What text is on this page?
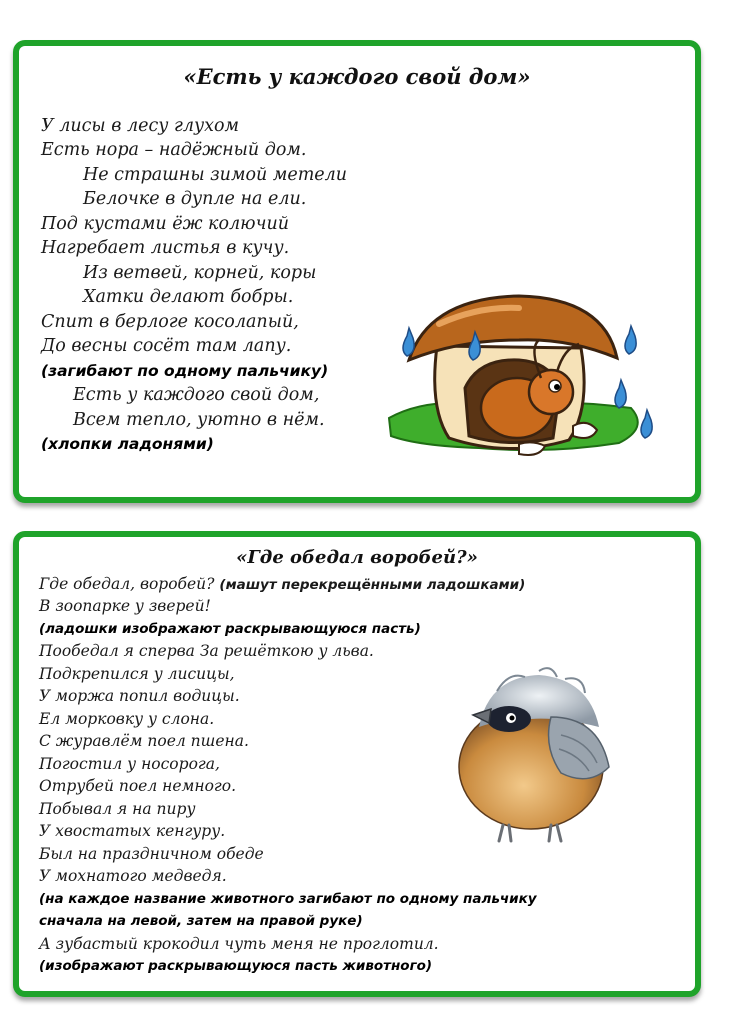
«Есть у каждого свой дом»
У лисы в лесу глухом
Есть нора – надёжный дом.
Не страшны зимой метели
Белочке в дупле на ели.
Под кустами ёж колючий
Нагребает листья в кучу.
Из ветвей, корней, коры
Хатки делают бобры.
Спит в берлоге косолапый,
До весны сосёт там лапу.
(загибают по одному пальчику)
Есть у каждого свой дом,
Всем тепло, уютно в нём.
(хлопки ладонями)
«Где обедал воробей?»
Где обедал, воробей? (машут перекрещёнными ладошками)
В зоопарке у зверей!
(ладошки изображают раскрывающуюся пасть)
Пообедал я сперва За решёткою у льва.
Подкрепился у лисицы,
У моржа попил водицы.
Ел морковку у слона.
С журавлём поел пшена.
Погостил у носорога,
Отрубей поел немного.
Побывал я на пиру
У хвостатых кенгуру.
Был на праздничном обеде
У мохнатого медведя.
(на каждое название животного загибают по одному пальчику
сначала на левой, затем на правой руке)
А зубастый крокодил чуть меня не проглотил.
(изображают раскрывающуюся пасть животного)
